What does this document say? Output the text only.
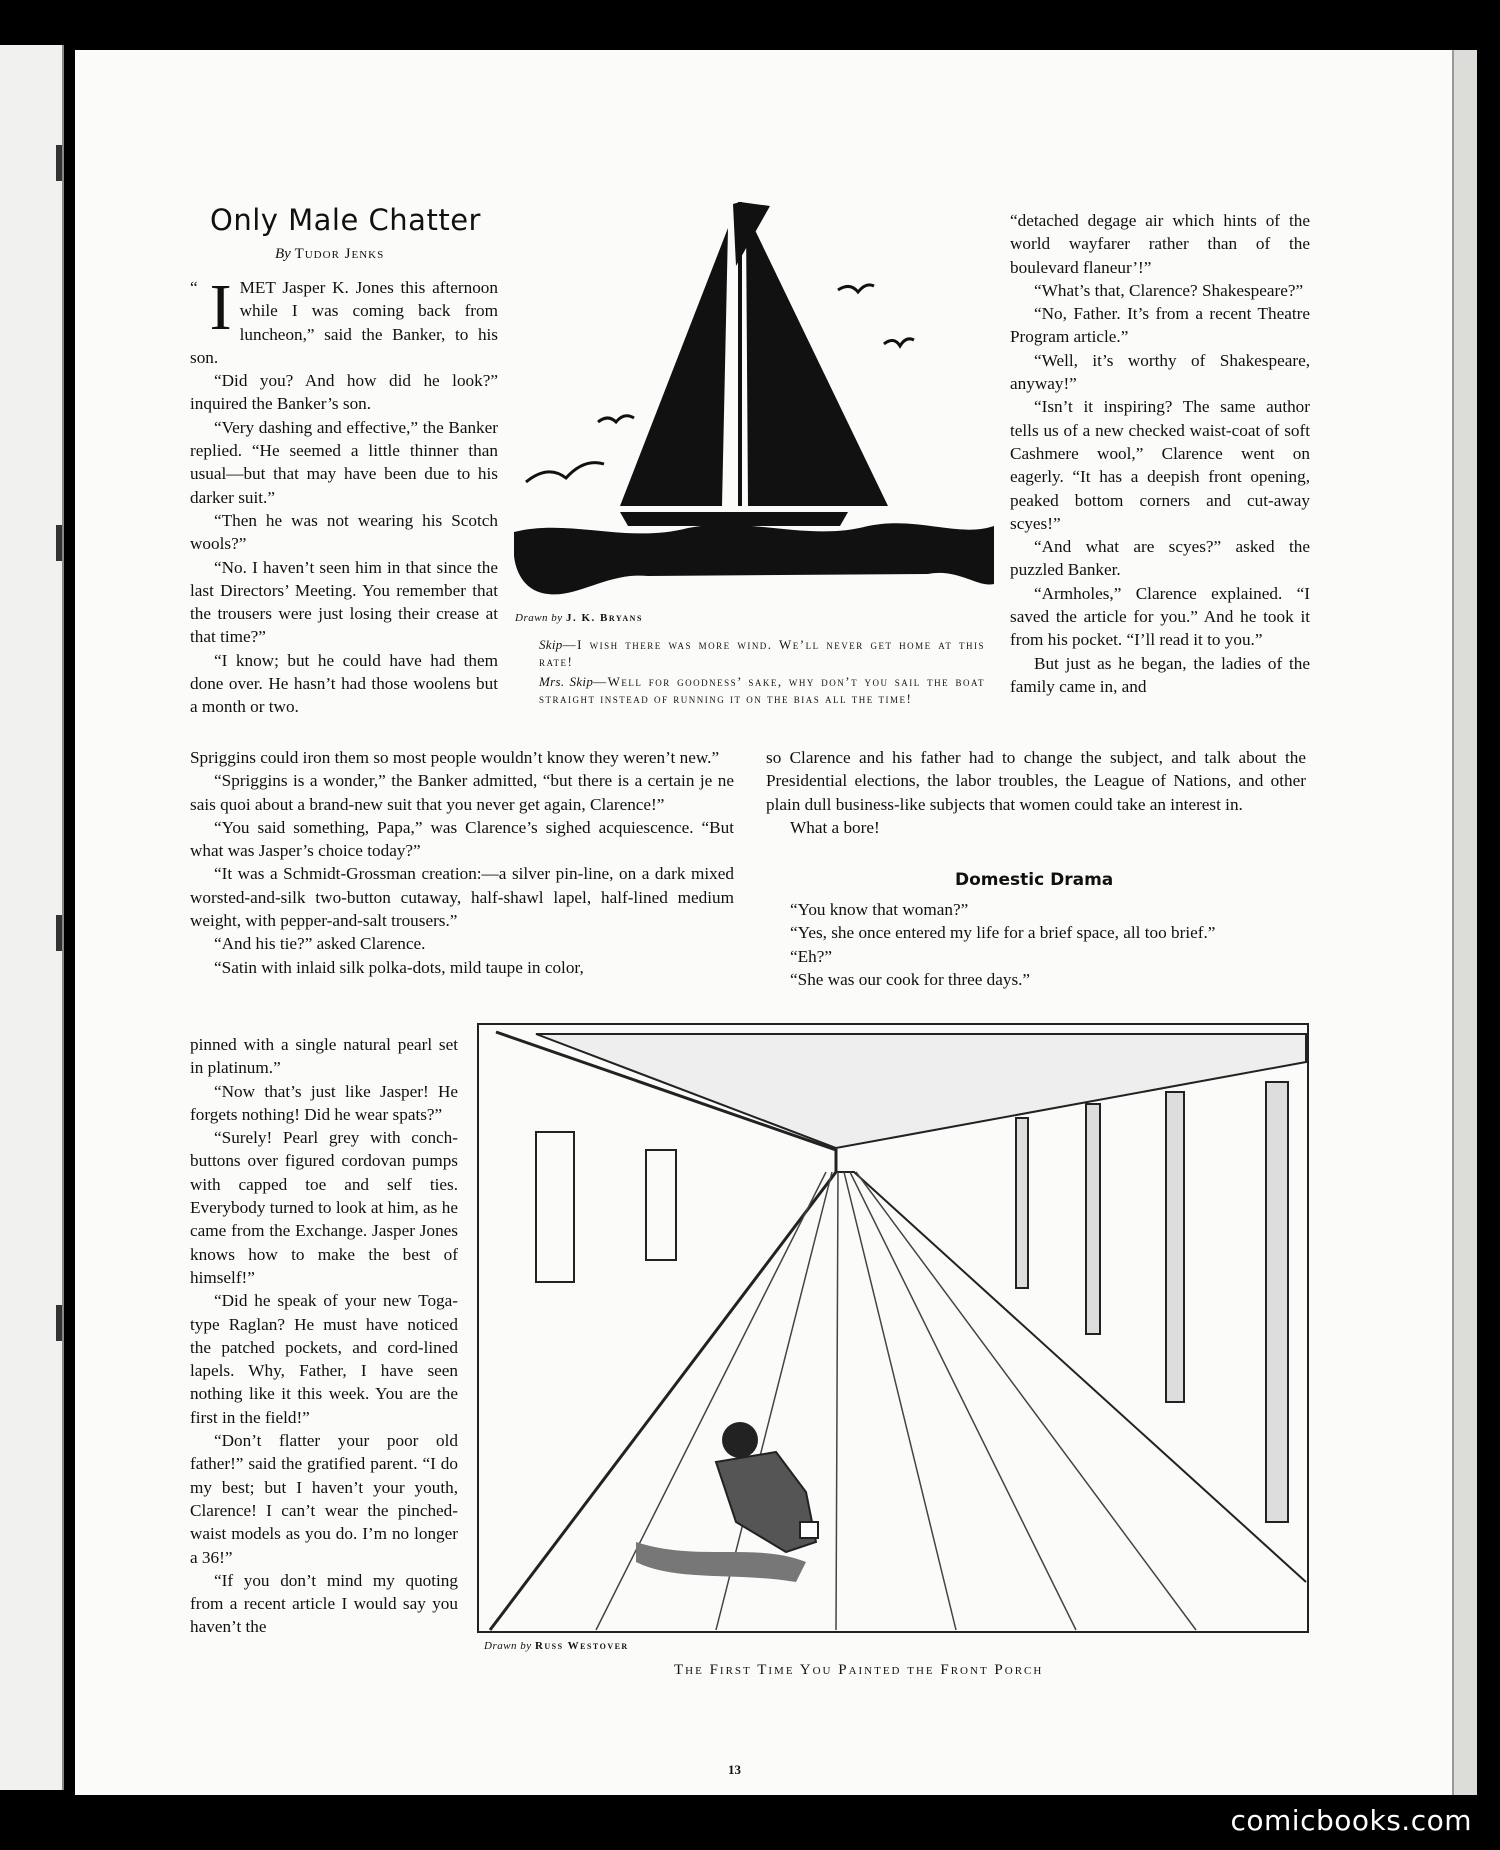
Only Male Chatter
By Tudor Jenks

“ I MET Jasper K. Jones this afternoon while I was coming back from luncheon,” said the Banker, to his son.

“Did you? And how did he look?” inquired the Banker’s son.

“Very dashing and effective,” the Banker replied. “He seemed a little thinner than usual—but that may have been due to his darker suit.”

“Then he was not wearing his Scotch wools?”

“No. I haven’t seen him in that since the last Directors’ Meeting. You remember that the trousers were just losing their crease at that time?”

“I know; but he could have had them done over. He hasn’t had those woolens but a month or two.

Spriggins could iron them so most people wouldn’t know they weren’t new.”

“Spriggins is a wonder,” the Banker admitted, “but there is a certain je ne sais quoi about a brand-new suit that you never get again, Clarence!”

“You said something, Papa,” was Clarence’s sighed acquiescence. “But what was Jasper’s choice today?”

“It was a Schmidt-Grossman creation:—a silver pin-line, on a dark mixed worsted-and-silk two-button cutaway, half-shawl lapel, half-lined medium weight, with pepper-and-salt trousers.”

“And his tie?” asked Clarence.

“Satin with inlaid silk polka-dots, mild taupe in color,

pinned with a single natural pearl set in platinum.”

“Now that’s just like Jasper! He forgets nothing! Did he wear spats?”

“Surely! Pearl grey with conch-buttons over figured cordovan pumps with capped toe and self ties. Everybody turned to look at him, as he came from the Exchange. Jasper Jones knows how to make the best of himself!”

“Did he speak of your new Toga-type Raglan? He must have noticed the patched pockets, and cord-lined lapels. Why, Father, I have seen nothing like it this week. You are the first in the field!”

“Don’t flatter your poor old father!” said the gratified parent. “I do my best; but I haven’t your youth, Clarence! I can’t wear the pinched-waist models as you do. I’m no longer a 36!”

“If you don’t mind my quoting from a recent article I would say you haven’t the

Drawn by J. K. Bryans

Skip—I wish there was more wind. We’ll never get home at this rate!

Mrs. Skip—Well for goodness’ sake, why don’t you sail the boat straight instead of running it on the bias all the time!

“detached degage air which hints of the world wayfarer rather than of the boulevard flaneur’!”

“What’s that, Clarence? Shakespeare?”

“No, Father. It’s from a recent Theatre Program article.”

“Well, it’s worthy of Shakespeare, anyway!”

“Isn’t it inspiring? The same author tells us of a new checked waist-coat of soft Cashmere wool,” Clarence went on eagerly. “It has a deepish front opening, peaked bottom corners and cut-away scyes!”

“And what are scyes?” asked the puzzled Banker.

“Armholes,” Clarence explained. “I saved the article for you.” And he took it from his pocket. “I’ll read it to you.”

But just as he began, the ladies of the family came in, and

so Clarence and his father had to change the subject, and talk about the Presidential elections, the labor troubles, the League of Nations, and other plain dull business-like subjects that women could take an interest in.

What a bore!

Domestic Drama

“You know that woman?”

“Yes, she once entered my life for a brief space, all too brief.”

“Eh?”

“She was our cook for three days.”

Drawn by Russ Westover
The First Time You Painted the Front Porch
13
comicbooks.com
